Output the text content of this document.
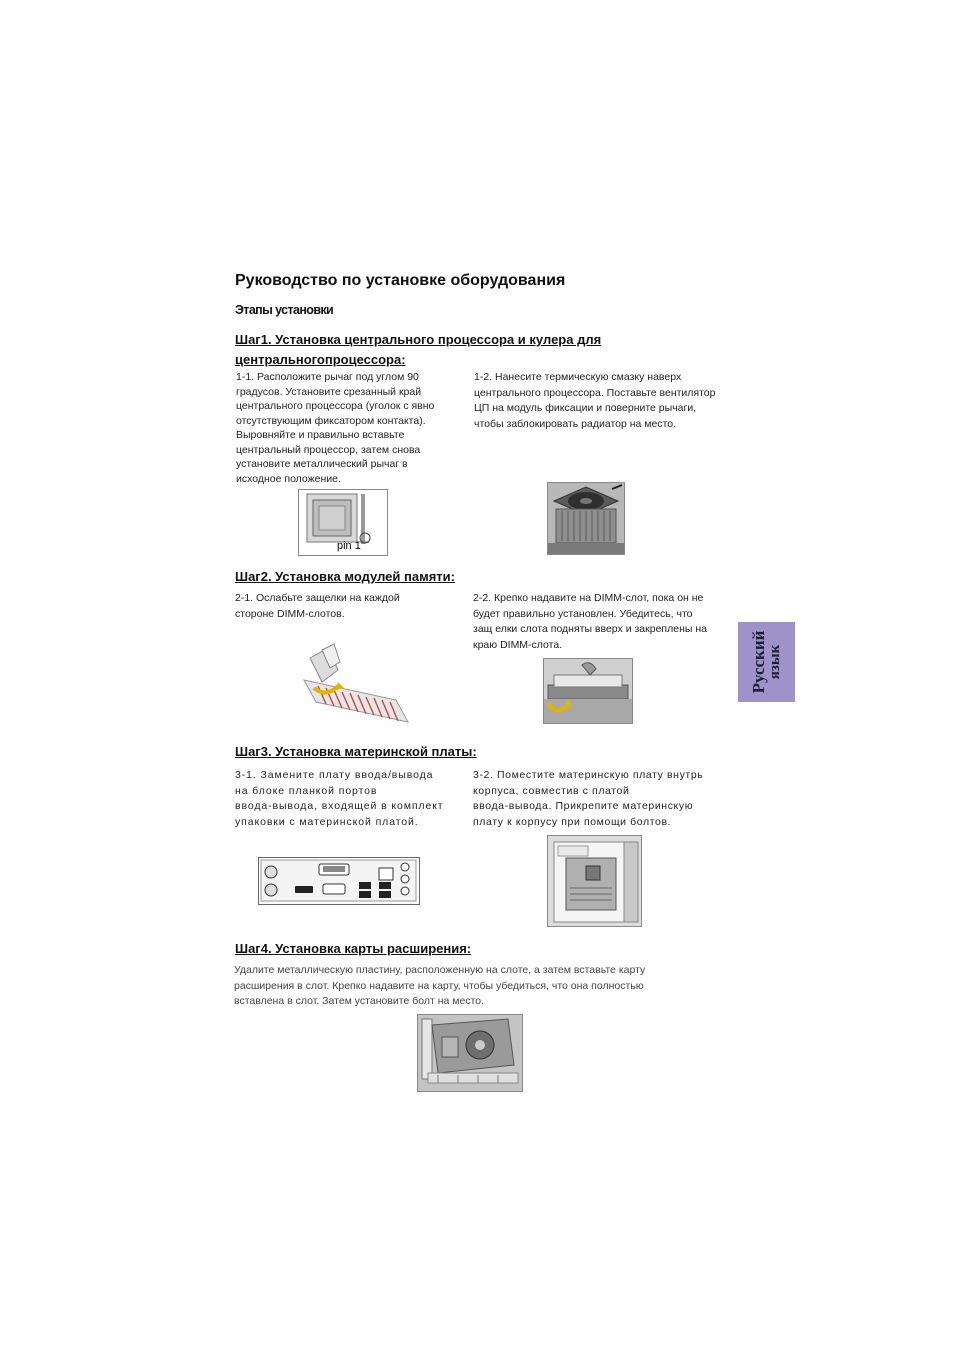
Руководство по установке оборудования
Этапы установки
Шаг1. Установка центрального процессора и кулера для
центральногопроцессора:
1-1. Расположите рычаг под углом 90
градусов. Установите срезанный край
центрального процессора (уголок с явно
отсутствующим фиксатором контакта).
Выровняйте и правильно вставьте
центральный процессор, затем снова
установите металлический рычаг в
исходное положение.
1-2. Нанесите термическую смазку наверх
центрального процессора. Поставьте вентилятор
ЦП на модуль фиксации и поверните рычаги,
чтобы заблокировать радиатор на место.
pin 1
Шаг2. Установка модулей памяти:
2-1. Ослабьте защелки на каждой
стороне DIMM-слотов.
2-2. Крепко надавите на DIMM-слот, пока он не
будет правильно установлен. Убедитесь, что
защ елки слота подняты вверх и закреплены на
краю DIMM-слота.	Русский язык
Шаг3. Установка материнской платы:
3-1. Замените плату ввода/вывода
на блоке планкой портов
ввода-вывода, входящей в комплект
упаковки с материнской платой.
3-2. Поместите материнскую плату внутрь
корпуса, совместив с платой
ввода-вывода. Прикрепите материнскую
плату к корпусу при помощи болтов.
Шаг4. Установка карты расширения:
Удалите металлическую пластину, расположенную на слоте, а затем вставьте карту
расширения в слот. Крепко надавите на карту, чтобы убедиться, что она полностью
вставлена в слот. Затем установите болт на место.
